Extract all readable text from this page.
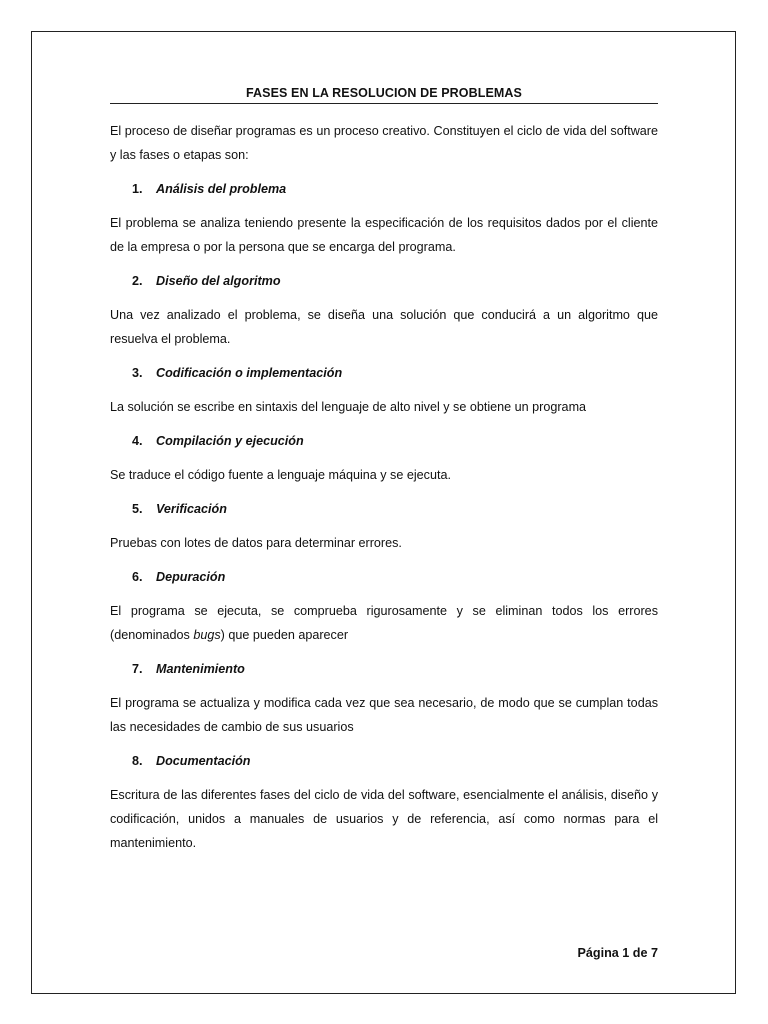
FASES EN LA RESOLUCION DE PROBLEMAS

El proceso de diseñar programas es un proceso creativo. Constituyen el ciclo de vida del software y las fases o etapas son:

1.	Análisis del problema

El problema se analiza teniendo presente la especificación de los requisitos dados por el cliente de la empresa o por la persona que se encarga del programa.

2.	Diseño del algoritmo

Una vez analizado el problema, se diseña una solución que conducirá a un algoritmo que resuelva el problema.

3.	Codificación o implementación

La solución se escribe en sintaxis del lenguaje de alto nivel y se obtiene un programa

4.	Compilación y ejecución

Se traduce el código fuente a lenguaje máquina y se ejecuta.

5.	Verificación

Pruebas con lotes de datos para determinar errores.

6.	Depuración

El programa se ejecuta, se comprueba rigurosamente y se eliminan todos los errores (denominados bugs) que pueden aparecer

7.	Mantenimiento

El programa se actualiza y modifica cada vez que sea necesario, de modo que se cumplan todas las necesidades de cambio de sus usuarios

8.	Documentación

Escritura de las diferentes fases del ciclo de vida del software, esencialmente el análisis, diseño y codificación, unidos a manuales de usuarios y de referencia, así como normas para el mantenimiento.

Página 1 de 7
